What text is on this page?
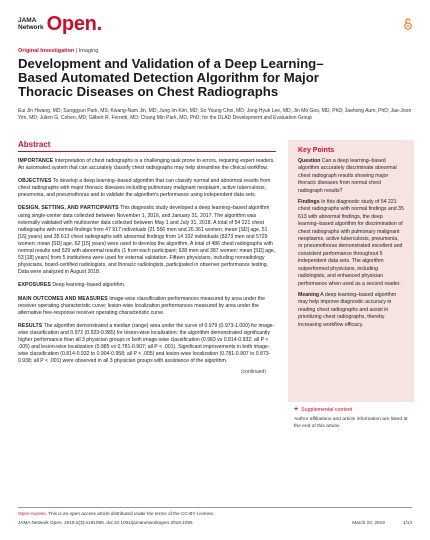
JAMA
Network Open.
Original Investigation | Imaging
Development and Validation of a Deep Learning–Based Automated Detection Algorithm for Major Thoracic Diseases on Chest Radiographs
Eui Jin Hwang, MD; Sunggyun Park, MS; Kwang-Nam Jin, MD; Jung Im Kim, MD; So Young Choi, MD; Jong Hyuk Lee, MD; Jin Mo Goo, MD, PhD; Jaehong Aum, PhD; Jae-Joon Yim, MD; Julien G. Cohen, MD; Gilbert R. Ferretti, MD; Chang Min Park, MD, PhD; for the DLAD Development and Evaluation Group
Abstract

IMPORTANCE Interpretation of chest radiographs is a challenging task prone to errors, requiring expert readers. An automated system that can accurately classify chest radiographs may help streamline the clinical workflow.

OBJECTIVES To develop a deep learning–based algorithm that can classify normal and abnormal results from chest radiographs with major thoracic diseases including pulmonary malignant neoplasm, active tuberculosis, pneumonia, and pneumothorax and to validate the algorithm's performance using independent data sets.

DESIGN, SETTING, AND PARTICIPANTS This diagnostic study developed a deep learning–based algorithm using single-center data collected between November 1, 2016, and January 31, 2017. The algorithm was externally validated with multicenter data collected between May 1 and July 31, 2018. A total of 54 221 chest radiographs with normal findings from 47 917 individuals (21 556 men and 26 361 women; mean [SD] age, 51 [16] years) and 35 613 chest radiographs with abnormal findings from 14 102 individuals (8373 men and 5729 women; mean [SD] age, 62 [15] years) were used to develop the algorithm. A total of 486 chest radiographs with normal results and 529 with abnormal results (1 from each participant; 628 men and 387 women; mean [SD] age, 53 [18] years) from 5 institutions were used for external validation. Fifteen physicians, including nonradiology physicians, board-certified radiologists, and thoracic radiologists, participated in observer performance testing. Data were analyzed in August 2018.

EXPOSURES Deep learning–based algorithm.

MAIN OUTCOMES AND MEASURES Image-wise classification performances measured by area under the receiver operating characteristic curve; lesion-wise localization performances measured by area under the alternative free-response receiver operating characteristic curve.

RESULTS The algorithm demonstrated a median (range) area under the curve of 0.979 (0.973-1.000) for image-wise classification and 0.972 (0.923-0.985) for lesion-wise localization; the algorithm demonstrated significantly higher performance than all 3 physician groups in both image-wise classification (0.983 vs 0.814-0.932; all P < .005) and lesion-wise localization (0.985 vs 0.781-0.907; all P < .001). Significant improvements in both image-wise classification (0.814-0.932 to 0.904-0.958; all P < .005) and lesion-wise localization (0.781-0.907 to 0.873-0.938; all P < .001) were observed in all 3 physician groups with assistance of the algorithm.

(continued)
Key Points

Question Can a deep learning–based algorithm accurately discriminate abnormal chest radiograph results showing major thoracic diseases from normal chest radiograph results?

Findings In this diagnostic study of 54 221 chest radiographs with normal findings and 35 613 with abnormal findings, the deep learning–based algorithm for discrimination of chest radiographs with pulmonary malignant neoplasms, active tuberculosis, pneumonia, or pneumothorax demonstrated excellent and consistent performance throughout 5 independent data sets. The algorithm outperformed physicians, including radiologists, and enhanced physician performance when used as a second reader.

Meaning A deep learning–based algorithm may help improve diagnostic accuracy in reading chest radiographs and assist in prioritizing chest radiographs, thereby increasing workflow efficacy.

+ Supplemental content
Author affiliations and article information are listed at the end of this article.
Open Access. This is an open access article distributed under the terms of the CC-BY License.
JAMA Network Open. 2019;2(3):e191095. doi:10.1001/jamanetworkopen.2019.1095	March 22, 2019	1/13
